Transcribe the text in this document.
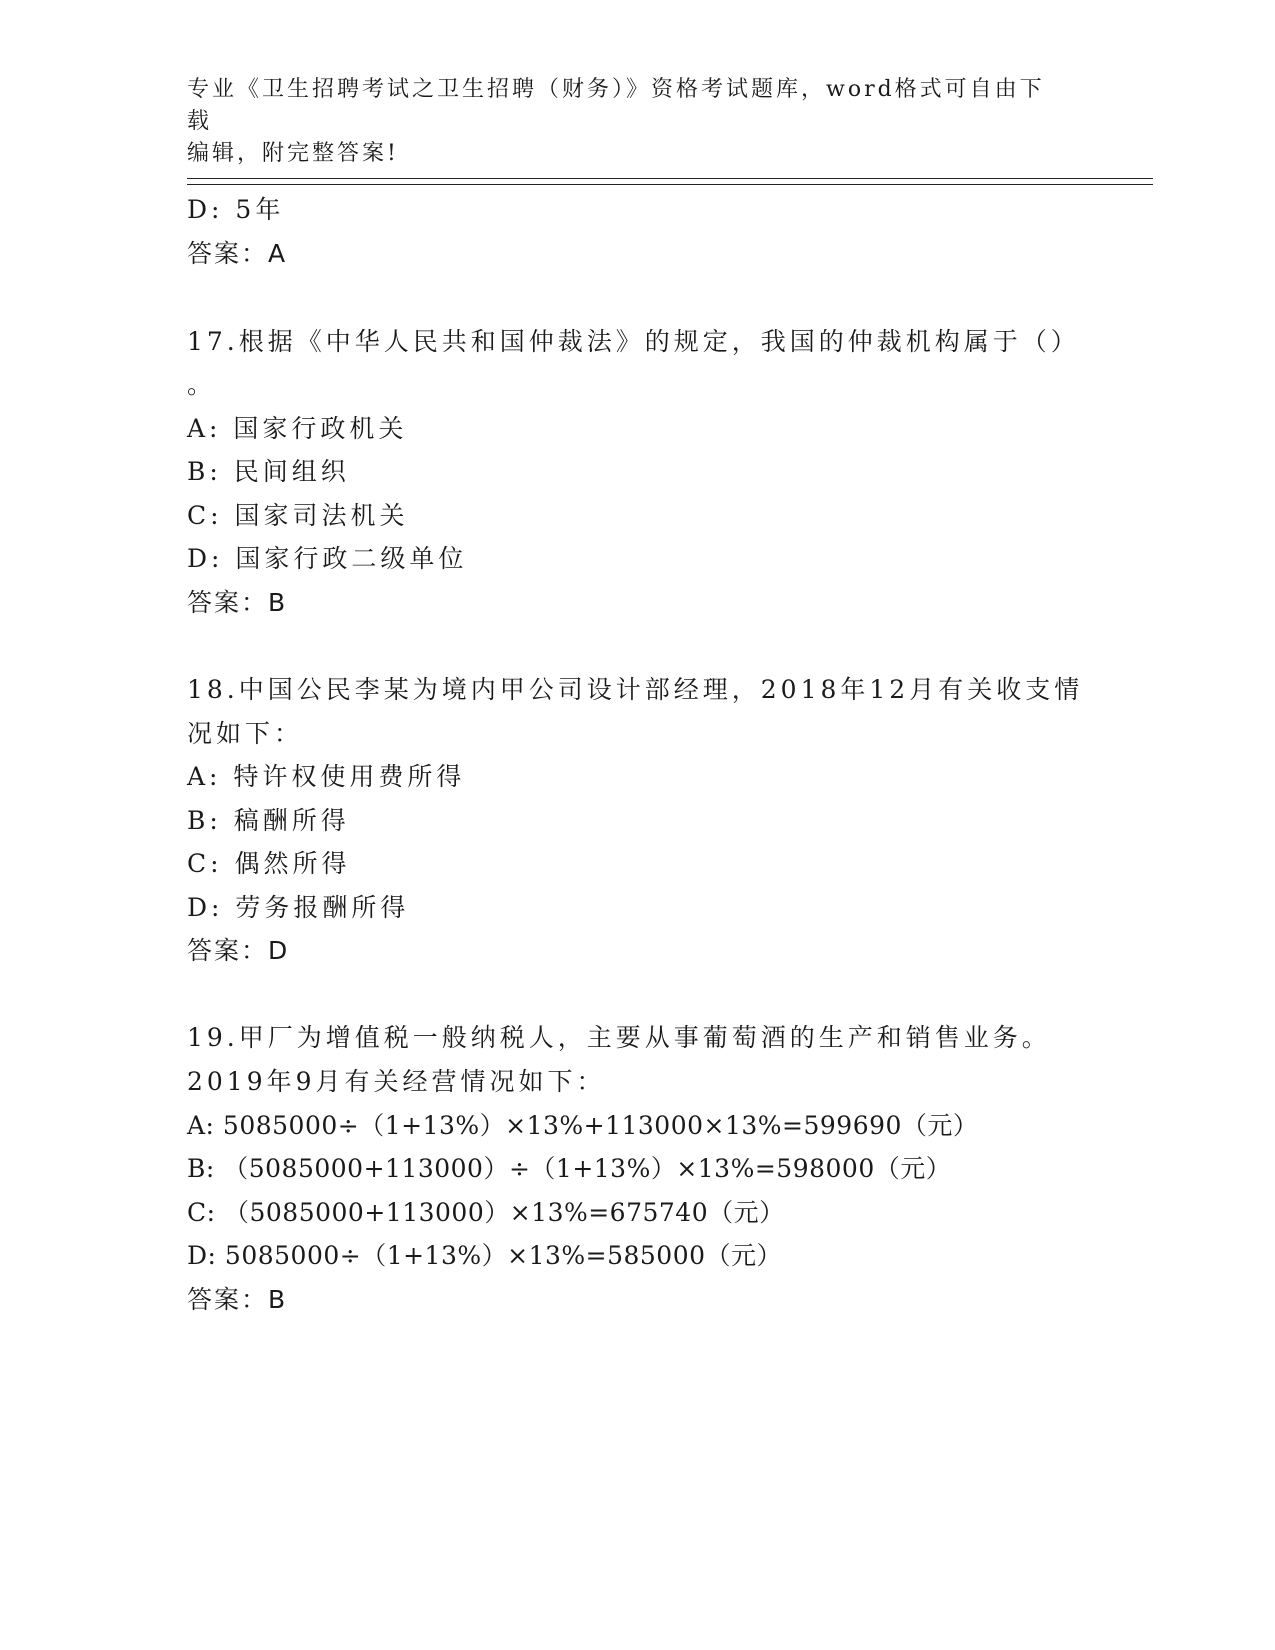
专业《卫生招聘考试之卫生招聘（财务）》资格考试题库，word格式可自由下载
编辑，附完整答案!
D: 5年
答案：A
17.根据《中华人民共和国仲裁法》的规定，我国的仲裁机构属于（）
。
A: 国家行政机关
B: 民间组织
C: 国家司法机关
D: 国家行政二级单位
答案：B
18.中国公民李某为境内甲公司设计部经理，2018年12月有关收支情
况如下：
A: 特许权使用费所得
B: 稿酬所得
C: 偶然所得
D: 劳务报酬所得
答案：D
19.甲厂为增值税一般纳税人，主要从事葡萄酒的生产和销售业务。
2019年9月有关经营情况如下：
A: 5085000÷（1+13%）×13%+113000×13%=599690（元）
B: （5085000+113000）÷（1+13%）×13%=598000（元）
C: （5085000+113000）×13%=675740（元）
D: 5085000÷（1+13%）×13%=585000（元）
答案：B
